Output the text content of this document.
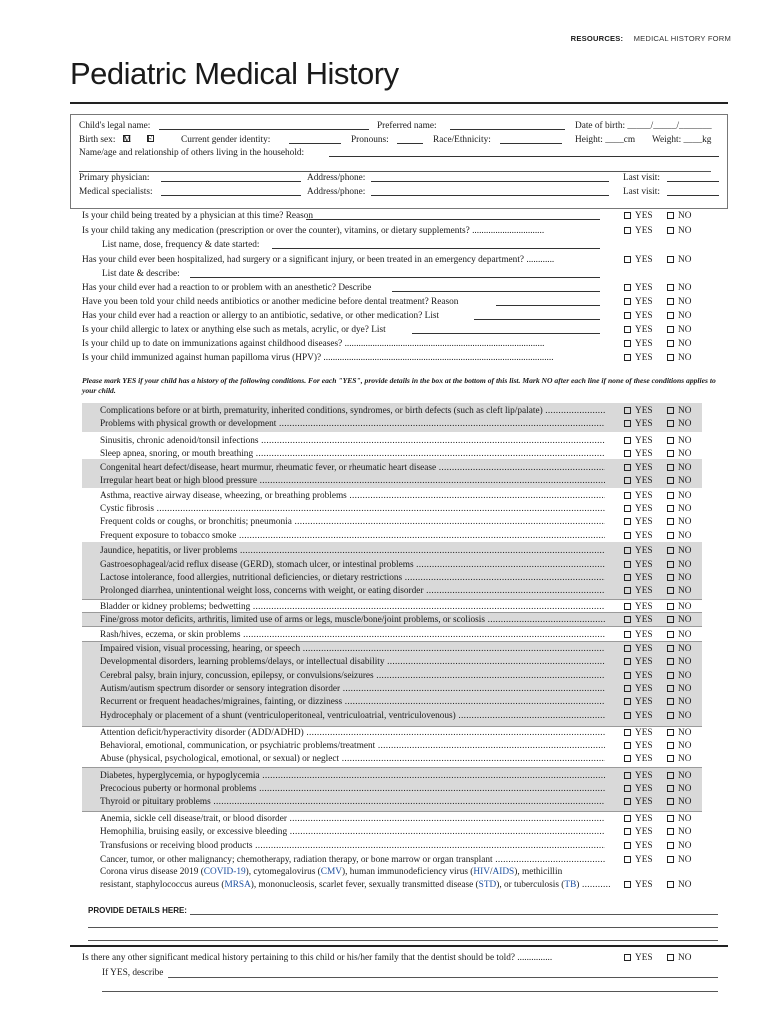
RESOURCES: MEDICAL HISTORY FORM
Pediatric Medical History
Child's legal name:	Preferred name:	Date of birth: _____/_____/_______
Birth sex: M F	Current gender identity:	Pronouns:	Race/Ethnicity:	Height: ____cm Weight: ____kg
Name/age and relationship of others living in the household:
Primary physician:	Address/phone:	Last visit:
Medical specialists:	Address/phone:	Last visit:
Is your child being treated by a physician at this time? Reason	YES	NO
Is your child taking any medication (prescription or over the counter), vitamins, or dietary supplements? ...............................	YES	NO
List name, dose, frequency & date started:
Has your child ever been hospitalized, had surgery or a significant injury, or been treated in an emergency department? ............	YES	NO
List date & describe:
Has your child ever had a reaction to or problem with an anesthetic? Describe	YES	NO
Have you been told your child needs antibiotics or another medicine before dental treatment? Reason	YES	NO
Has your child ever had a reaction or allergy to an antibiotic, sedative, or other medication? List	YES	NO
Is your child allergic to latex or anything else such as metals, acrylic, or dye? List	YES	NO
Is your child up to date on immunizations against childhood diseases? ......................................................................................	YES	NO
Is your child immunized against human papilloma virus (HPV)? ...................................................................................................	YES	NO
Please mark YES if your child has a history of the following conditions. For each "YES", provide details in the box at the bottom of this list. Mark NO after each line if none of these conditions applies to your child.
Complications before or at birth, prematurity, inherited conditions, syndromes, or birth defects (such as cleft lip/palate) .....	YES	NO
Problems with physical growth or development .....	YES	NO
Sinusitis, chronic adenoid/tonsil infections .....	YES	NO
Sleep apnea, snoring, or mouth breathing .....	YES	NO
Congenital heart defect/disease, heart murmur, rheumatic fever, or rheumatic heart disease .....	YES	NO
Irregular heart beat or high blood pressure .....	YES	NO
Asthma, reactive airway disease, wheezing, or breathing problems .....	YES	NO
Cystic fibrosis .....	YES	NO
Frequent colds or coughs, or bronchitis; pneumonia .....	YES	NO
Frequent exposure to tobacco smoke .....	YES	NO
Jaundice, hepatitis, or liver problems .....	YES	NO
Gastroesophageal/acid reflux disease (GERD), stomach ulcer, or intestinal problems .....	YES	NO
Lactose intolerance, food allergies, nutritional deficiencies, or dietary restrictions .....	YES	NO
Prolonged diarrhea, unintentional weight loss, concerns with weight, or eating disorder .....	YES	NO
Bladder or kidney problems; bedwetting .....	YES	NO
Fine/gross motor deficits, arthritis, limited use of arms or legs, muscle/bone/joint problems, or scoliosis .....	YES	NO
Rash/hives, eczema, or skin problems .....	YES	NO
Impaired vision, visual processing, hearing, or speech .....	YES	NO
Developmental disorders, learning problems/delays, or intellectual disability .....	YES	NO
Cerebral palsy, brain injury, concussion, epilepsy, or convulsions/seizures .....	YES	NO
Autism/autism spectrum disorder or sensory integration disorder .....	YES	NO
Recurrent or frequent headaches/migraines, fainting, or dizziness .....	YES	NO
Hydrocephaly or placement of a shunt (ventriculoperitoneal, ventriculoatrial, ventriculovenous) .....	YES	NO
Attention deficit/hyperactivity disorder (ADD/ADHD) .....	YES	NO
Behavioral, emotional, communication, or psychiatric problems/treatment .....	YES	NO
Abuse (physical, psychological, emotional, or sexual) or neglect .....	YES	NO
Diabetes, hyperglycemia, or hypoglycemia .....	YES	NO
Precocious puberty or hormonal problems .....	YES	NO
Thyroid or pituitary problems .....	YES	NO
Anemia, sickle cell disease/trait, or blood disorder .....	YES	NO
Hemophilia, bruising easily, or excessive bleeding .....	YES	NO
Transfusions or receiving blood products .....	YES	NO
Cancer, tumor, or other malignancy; chemotherapy, radiation therapy, or bone marrow or organ transplant .....	YES	NO
Corona virus disease 2019 (COVID-19), cytomegalovirus (CMV), human immunodeficiency virus (HIV/AIDS), methicillin
resistant, staphylococcus aureus (MRSA), mononucleosis, scarlet fever, sexually transmitted disease (STD), or tuberculosis (TB) .....	YES	NO
PROVIDE DETAILS HERE:
Is there any other significant medical history pertaining to this child or his/her family that the dentist should be told? ...............	YES	NO
If YES, describe
